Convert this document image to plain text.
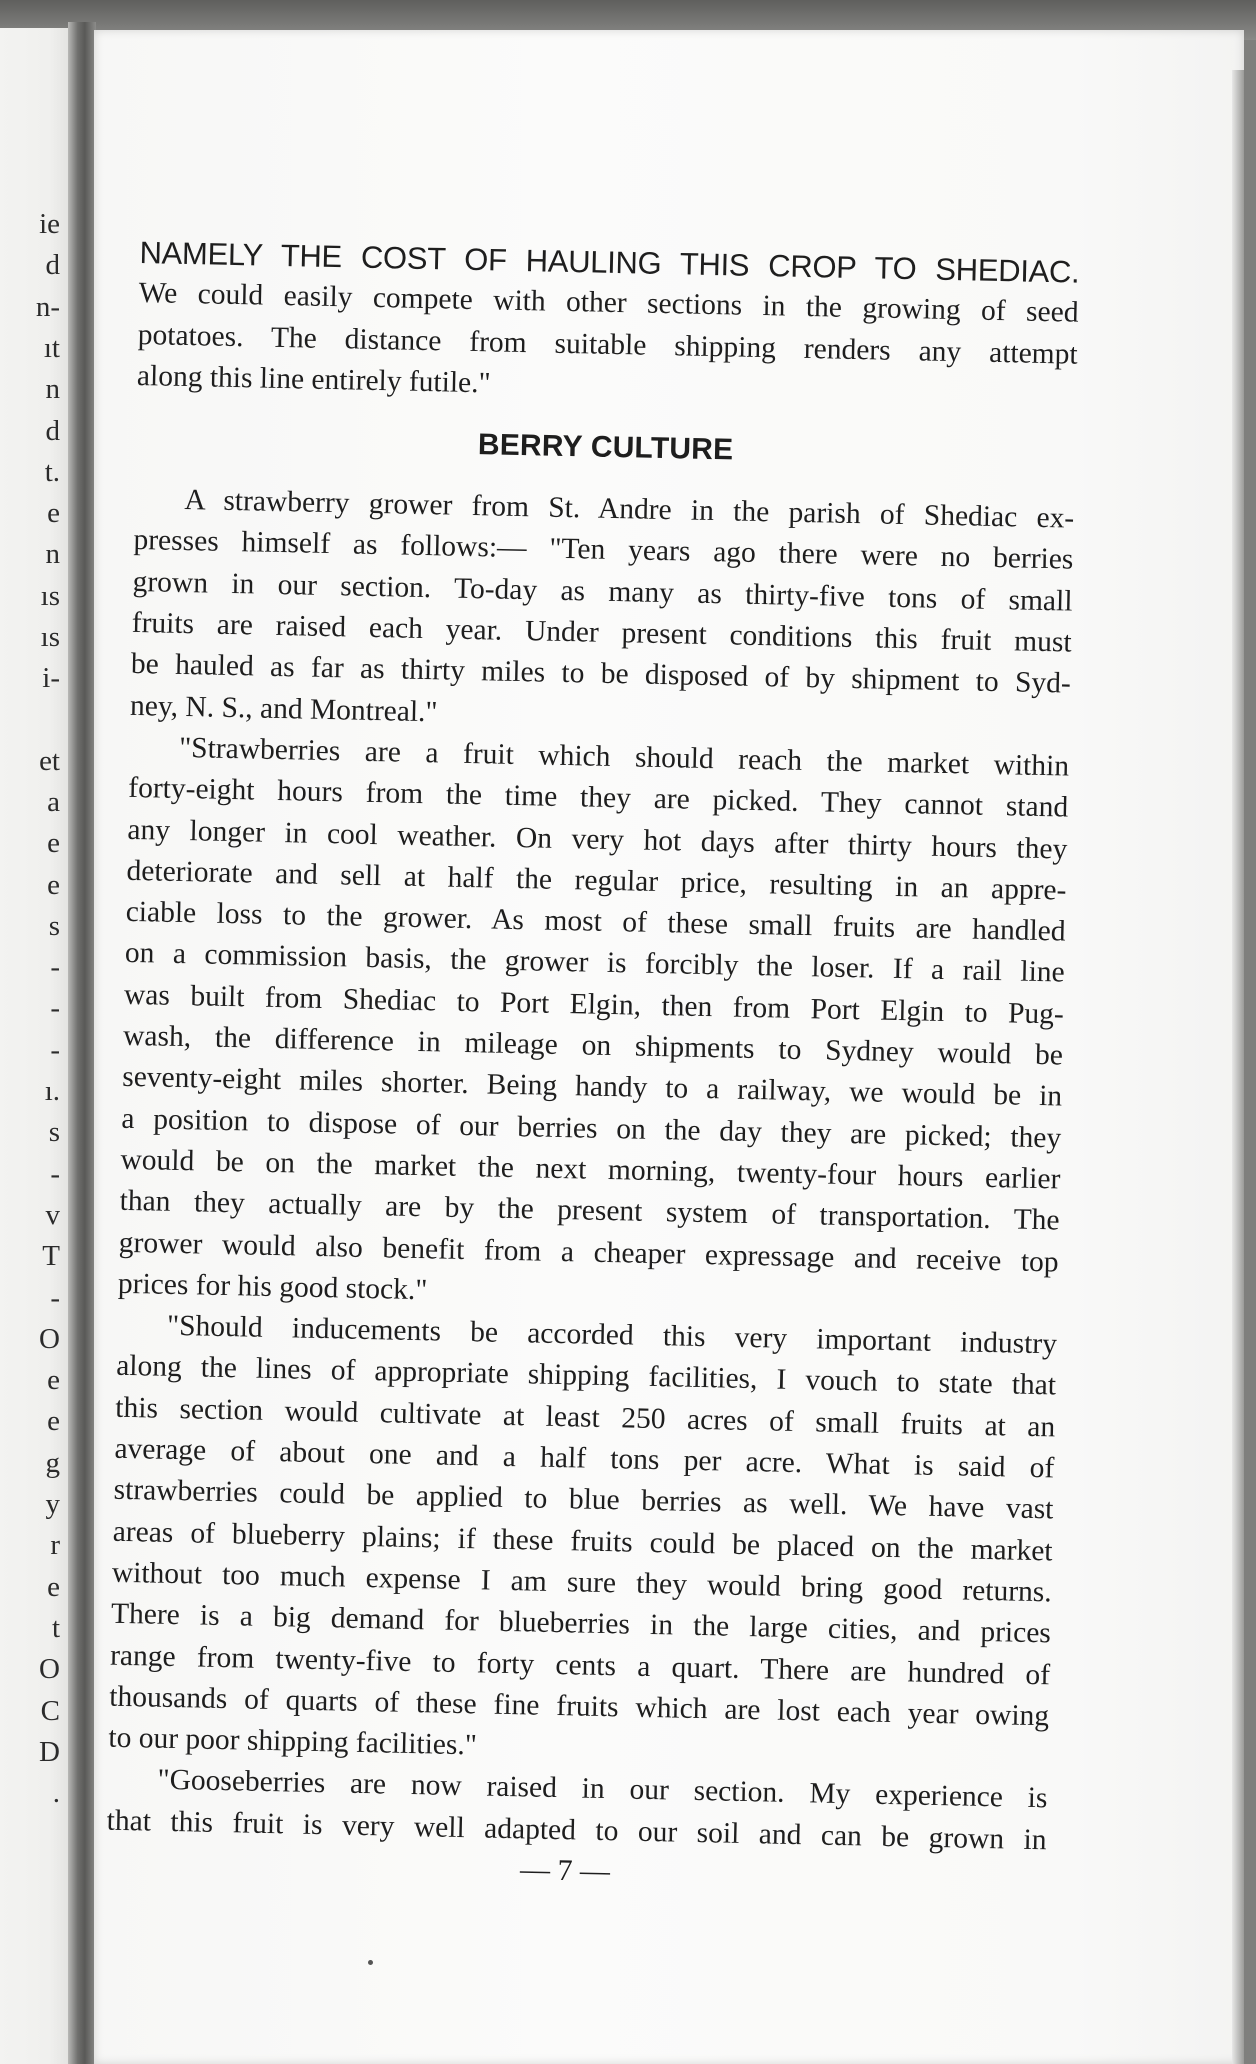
ie
d
n-
ıt
n
d
t.
e
n
ıs
ıs
i-
et
a
e
e
s
-
-
-
ı.
s
-
v
T
-
O
e
e
g
y
r
e
t
O
C
D
.
NAMELY THE COST OF HAULING THIS CROP TO SHEDIAC.
We could easily compete with other sections in the growing of seed
potatoes. The distance from suitable shipping renders any attempt
along this line entirely futile."
BERRY CULTURE
A strawberry grower from St. Andre in the parish of Shediac ex-
presses himself as follows:— "Ten years ago there were no berries
grown in our section. To-day as many as thirty-five tons of small
fruits are raised each year. Under present conditions this fruit must
be hauled as far as thirty miles to be disposed of by shipment to Syd-
ney, N. S., and Montreal."
"Strawberries are a fruit which should reach the market within
forty-eight hours from the time they are picked. They cannot stand
any longer in cool weather. On very hot days after thirty hours they
deteriorate and sell at half the regular price, resulting in an appre-
ciable loss to the grower. As most of these small fruits are handled
on a commission basis, the grower is forcibly the loser. If a rail line
was built from Shediac to Port Elgin, then from Port Elgin to Pug-
wash, the difference in mileage on shipments to Sydney would be
seventy-eight miles shorter. Being handy to a railway, we would be in
a position to dispose of our berries on the day they are picked; they
would be on the market the next morning, twenty-four hours earlier
than they actually are by the present system of transportation. The
grower would also benefit from a cheaper expressage and receive top
prices for his good stock."
"Should inducements be accorded this very important industry
along the lines of appropriate shipping facilities, I vouch to state that
this section would cultivate at least 250 acres of small fruits at an
average of about one and a half tons per acre. What is said of
strawberries could be applied to blue berries as well. We have vast
areas of blueberry plains; if these fruits could be placed on the market
without too much expense I am sure they would bring good returns.
There is a big demand for blueberries in the large cities, and prices
range from twenty-five to forty cents a quart. There are hundred of
thousands of quarts of these fine fruits which are lost each year owing
to our poor shipping facilities."
"Gooseberries are now raised in our section. My experience is
that this fruit is very well adapted to our soil and can be grown in
— 7 —
